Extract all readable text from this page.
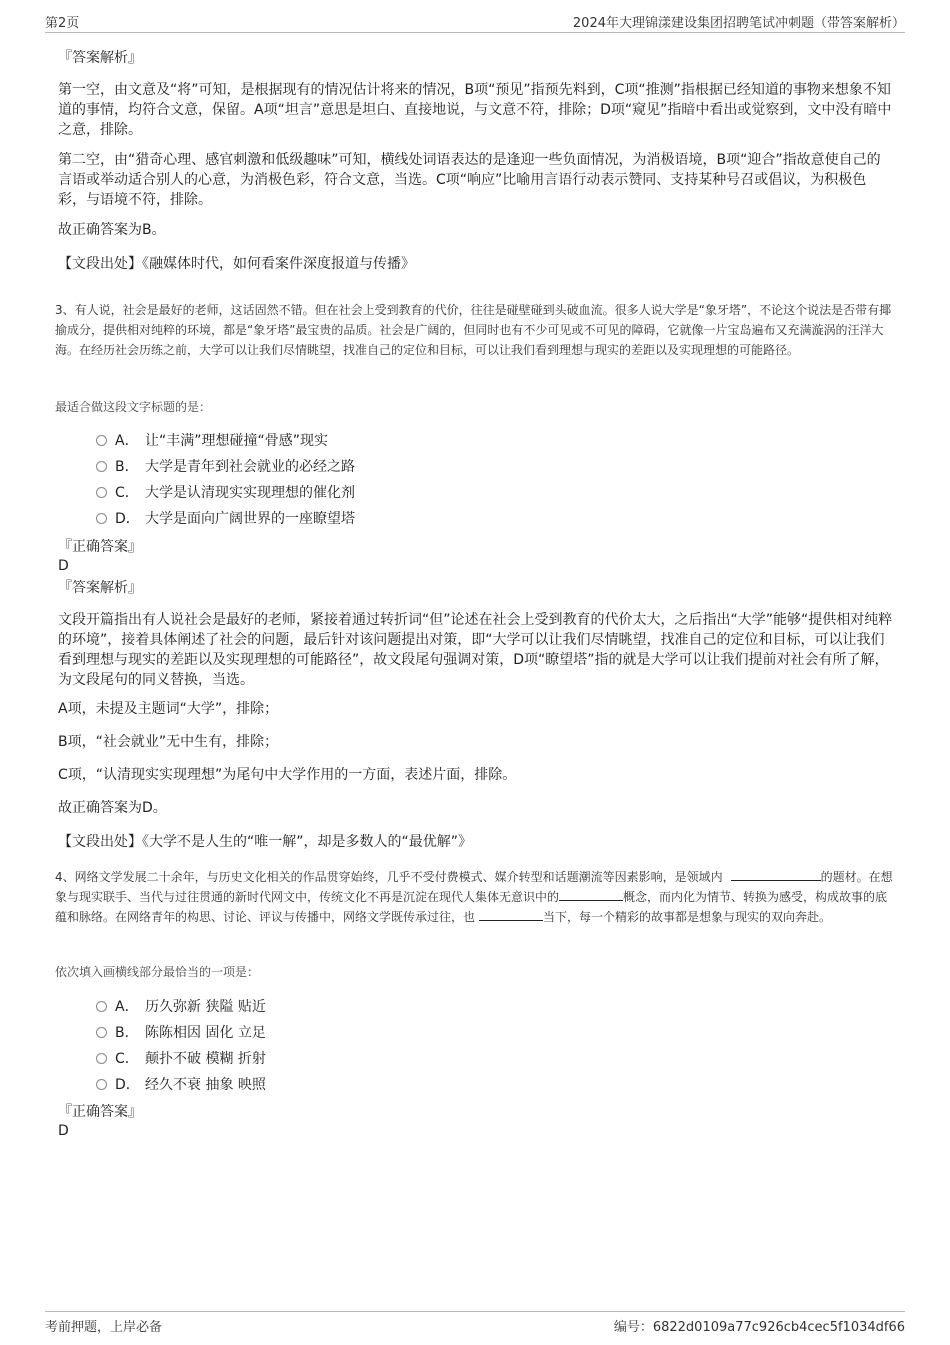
第2页	2024年大理锦漾建设集团招聘笔试冲刺题（带答案解析）
『答案解析』
第一空，由文意及“将”可知，是根据现有的情况估计将来的情况，B项“预见”指预先料到，C项“推测”指根据已经知道的事物来想象不知道的事情，均符合文意，保留。A项“坦言”意思是坦白、直接地说，与文意不符，排除；D项“窥见”指暗中看出或觉察到，文中没有暗中之意，排除。
第二空，由“猎奇心理、感官刺激和低级趣味”可知，横线处词语表达的是逢迎一些负面情况，为消极语境，B项“迎合”指故意使自己的言语或举动适合别人的心意，为消极色彩，符合文意，当选。C项“响应”比喻用言语行动表示赞同、支持某种号召或倡议，为积极色彩，与语境不符，排除。
故正确答案为B。
【文段出处】《融媒体时代，如何看案件深度报道与传播》
3、有人说，社会是最好的老师，这话固然不错。但在社会上受到教育的代价，往往是碰壁碰到头破血流。很多人说大学是“象牙塔”，不论这个说法是否带有揶揄成分，提供相对纯粹的环境，都是“象牙塔”最宝贵的品质。社会是广阔的，但同时也有不少可见或不可见的障碍，它就像一片宝岛遍布又充满漩涡的汪洋大海。在经历社会历练之前，大学可以让我们尽情眺望，找准自己的定位和目标，可以让我们看到理想与现实的差距以及实现理想的可能路径。
最适合做这段文字标题的是：
A． 让“丰满”理想碰撞“骨感”现实
B． 大学是青年到社会就业的必经之路
C． 大学是认清现实实现理想的催化剂
D． 大学是面向广阔世界的一座瞭望塔
『正确答案』
D
『答案解析』
文段开篇指出有人说社会是最好的老师，紧接着通过转折词“但”论述在社会上受到教育的代价太大，之后指出“大学”能够“提供相对纯粹的环境”，接着具体阐述了社会的问题，最后针对该问题提出对策，即“大学可以让我们尽情眺望，找准自己的定位和目标，可以让我们看到理想与现实的差距以及实现理想的可能路径”，故文段尾句强调对策，D项“瞭望塔”指的就是大学可以让我们提前对社会有所了解，为文段尾句的同义替换，当选。
A项，未提及主题词“大学”，排除；
B项，“社会就业”无中生有，排除；
C项，“认清现实实现理想”为尾句中大学作用的一方面，表述片面，排除。
故正确答案为D。
【文段出处】《大学不是人生的“唯一解”，却是多数人的“最优解”》
4、网络文学发展二十余年，与历史文化相关的作品贯穿始终，几乎不受付费模式、媒介转型和话题潮流等因素影响，是领域内	的题材。在想象与现实联手、当代与过往贯通的新时代网文中，传统文化不再是沉淀在现代人集体无意识中的	概念，而内化为情节、转换为感受，构成故事的底蕴和脉络。在网络青年的构思、讨论、评议与传播中，网络文学既传承过往，也	当下，每一个精彩的故事都是想象与现实的双向奔赴。
依次填入画横线部分最恰当的一项是：
A． 历久弥新 狭隘 贴近
B． 陈陈相因 固化 立足
C． 颠扑不破 模糊 折射
D． 经久不衰 抽象 映照
『正确答案』
D
考前押题，上岸必备	编号：6822d0109a77c926cb4cec5f1034df66
